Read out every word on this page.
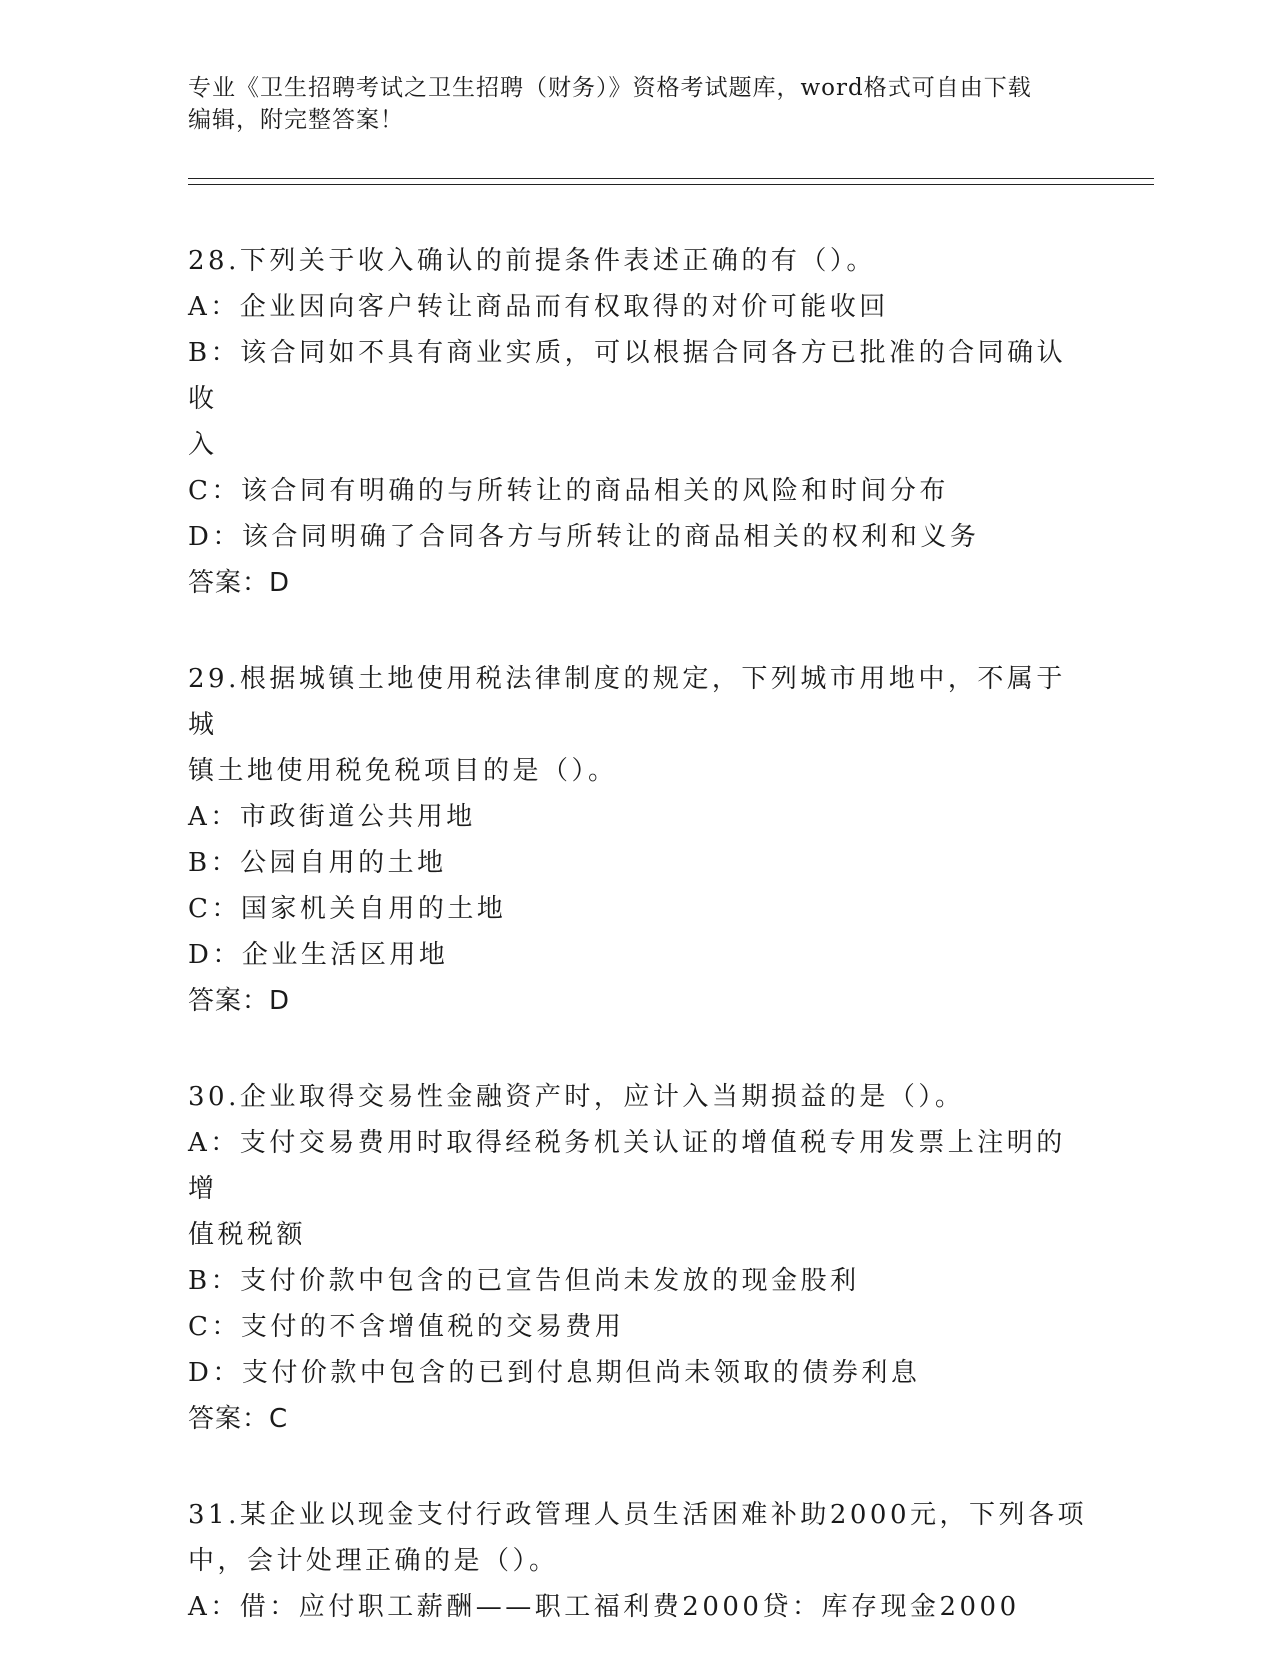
专业《卫生招聘考试之卫生招聘（财务）》资格考试题库，word格式可自由下载
编辑，附完整答案！
28.下列关于收入确认的前提条件表述正确的有（）。
A：企业因向客户转让商品而有权取得的对价可能收回
B：该合同如不具有商业实质，可以根据合同各方已批准的合同确认收
入
C：该合同有明确的与所转让的商品相关的风险和时间分布
D：该合同明确了合同各方与所转让的商品相关的权利和义务
答案：D
29.根据城镇土地使用税法律制度的规定，下列城市用地中，不属于城
镇土地使用税免税项目的是（）。
A：市政街道公共用地
B：公园自用的土地
C：国家机关自用的土地
D：企业生活区用地
答案：D
30.企业取得交易性金融资产时，应计入当期损益的是（）。
A：支付交易费用时取得经税务机关认证的增值税专用发票上注明的增
值税税额
B：支付价款中包含的已宣告但尚未发放的现金股利
C：支付的不含增值税的交易费用
D：支付价款中包含的已到付息期但尚未领取的债券利息
答案：C
31.某企业以现金支付行政管理人员生活困难补助2000元，下列各项
中，会计处理正确的是（）。
A：借：应付职工薪酬——职工福利费2000贷：库存现金2000
